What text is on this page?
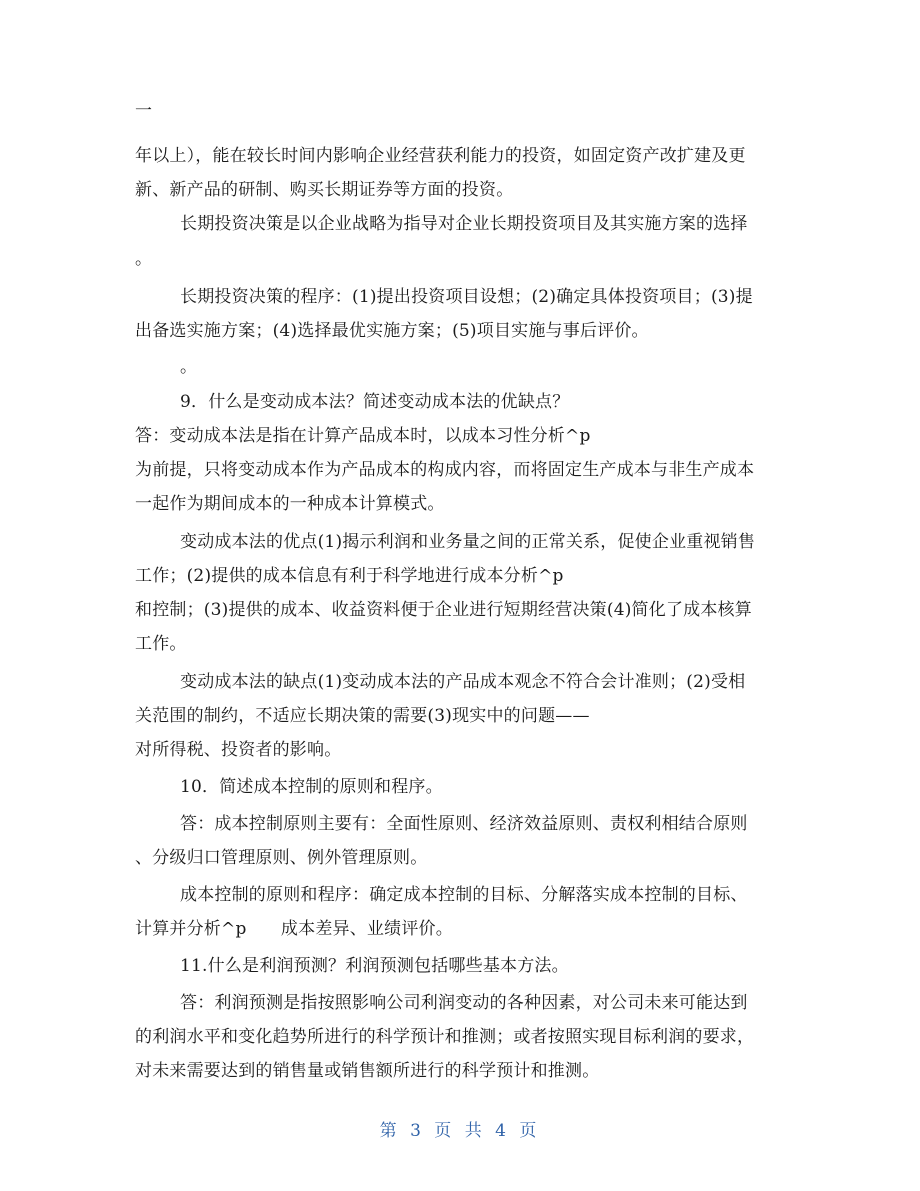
一
年以上），能在较长时间内影响企业经营获利能力的投资，如固定资产改扩建及更
新、新产品的研制、购买长期证券等方面的投资。
长期投资决策是以企业战略为指导对企业长期投资项目及其实施方案的选择
。
长期投资决策的程序：(1)提出投资项目设想；(2)确定具体投资项目；(3)提
出备选实施方案；(4)选择最优实施方案；(5)项目实施与事后评价。
。
9．什么是变动成本法？简述变动成本法的优缺点？
答：变动成本法是指在计算产品成本时，以成本习性分析^p
为前提，只将变动成本作为产品成本的构成内容，而将固定生产成本与非生产成本
一起作为期间成本的一种成本计算模式。
变动成本法的优点(1)揭示利润和业务量之间的正常关系，促使企业重视销售
工作；(2)提供的成本信息有利于科学地进行成本分析^p
和控制；(3)提供的成本、收益资料便于企业进行短期经营决策(4)简化了成本核算
工作。
变动成本法的缺点(1)变动成本法的产品成本观念不符合会计准则；(2)受相
关范围的制约，不适应长期决策的需要(3)现实中的问题——
对所得税、投资者的影响。
10．简述成本控制的原则和程序。
答：成本控制原则主要有：全面性原则、经济效益原则、责权利相结合原则
、分级归口管理原则、例外管理原则。
成本控制的原则和程序：确定成本控制的目标、分解落实成本控制的目标、
计算并分析^p　　成本差异、业绩评价。
11.什么是利润预测？利润预测包括哪些基本方法。
答：利润预测是指按照影响公司利润变动的各种因素，对公司未来可能达到
的利润水平和变化趋势所进行的科学预计和推测；或者按照实现目标利润的要求，
对未来需要达到的销售量或销售额所进行的科学预计和推测。
第 3 页 共 4 页
